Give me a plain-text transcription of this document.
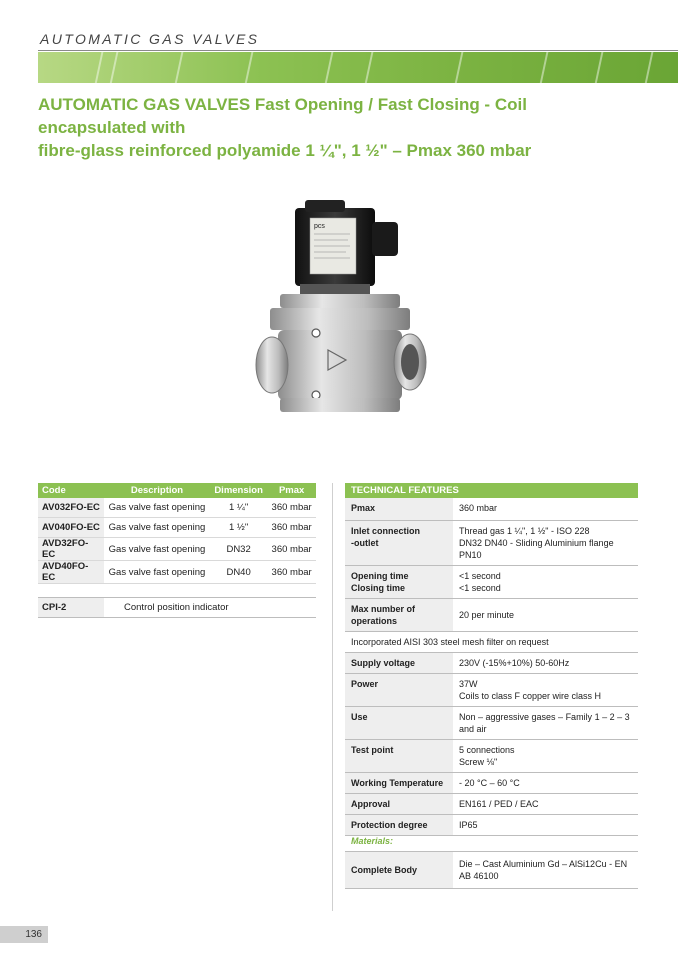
AUTOMATIC GAS VALVES
AUTOMATIC GAS VALVES Fast Opening / Fast Closing - Coil encapsulated with
fibre-glass reinforced polyamide 1 ¼", 1 ½" – Pmax 360 mbar
pcs
Code	Description	Dimension	Pmax
AV032FO-EC	Gas valve fast opening	1 ¼"	360 mbar
AV040FO-EC	Gas valve fast opening	1 ½"	360 mbar
AVD32FO-EC	Gas valve fast opening	DN32	360 mbar
AVD40FO-EC	Gas valve fast opening	DN40	360 mbar
CPI-2	Control position indicator
TECHNICAL FEATURES	
Pmax	360 mbar

Inlet connection
-outlet	Thread gas 1 ¼", 1 ½" - ISO 228
DN32 DN40 - Sliding Aluminium flange PN10

Opening time
Closing time	<1 second
<1 second

Max number of operations	20 per minute
Incorporated AISI 303 steel mesh filter on request	
Supply voltage	230V (-15%+10%) 50-60Hz
Power	37W
Coils to class F copper wire class H

Use	Non – aggressive gases – Family 1 – 2 – 3 and air
Test point	5 connections
Screw ⅛"

Working Temperature	- 20 °C – 60 °C
Approval	EN161 / PED / EAC
Protection degree	IP65
Materials:
Complete Body	Die – Cast Aluminium Gd – AlSi12Cu - EN AB 46100
136
